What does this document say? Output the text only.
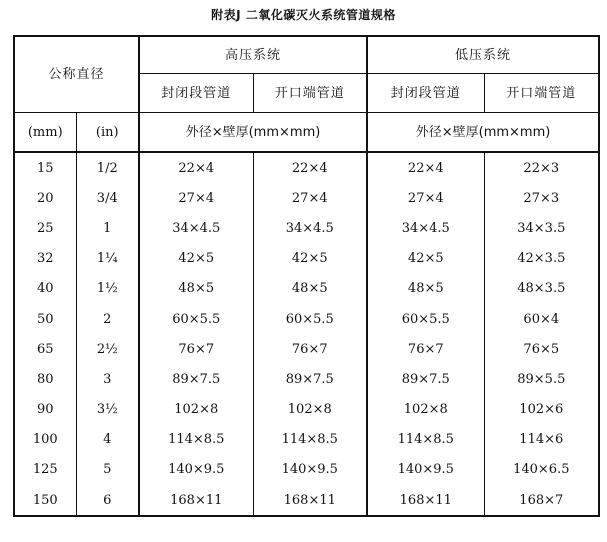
附表J 二氧化碳灭火系统管道规格
公称直径		高压系统		低压系统	
		封闭段管道	开口端管道	封闭段管道	开口端管道
(mm)	(in)	外径×壁厚(mm×mm)		外径×壁厚(mm×mm)	
15	1/2	22×4	22×4	22×4	22×3
20	3/4	27×4	27×4	27×4	27×3
25	1	34×4.5	34×4.5	34×4.5	34×3.5
32	1¼	42×5	42×5	42×5	42×3.5
40	1½	48×5	48×5	48×5	48×3.5
50	2	60×5.5	60×5.5	60×5.5	60×4
65	2½	76×7	76×7	76×7	76×5
80	3	89×7.5	89×7.5	89×7.5	89×5.5
90	3½	102×8	102×8	102×8	102×6
100	4	114×8.5	114×8.5	114×8.5	114×6
125	5	140×9.5	140×9.5	140×9.5	140×6.5
150	6	168×11	168×11	168×11	168×7
